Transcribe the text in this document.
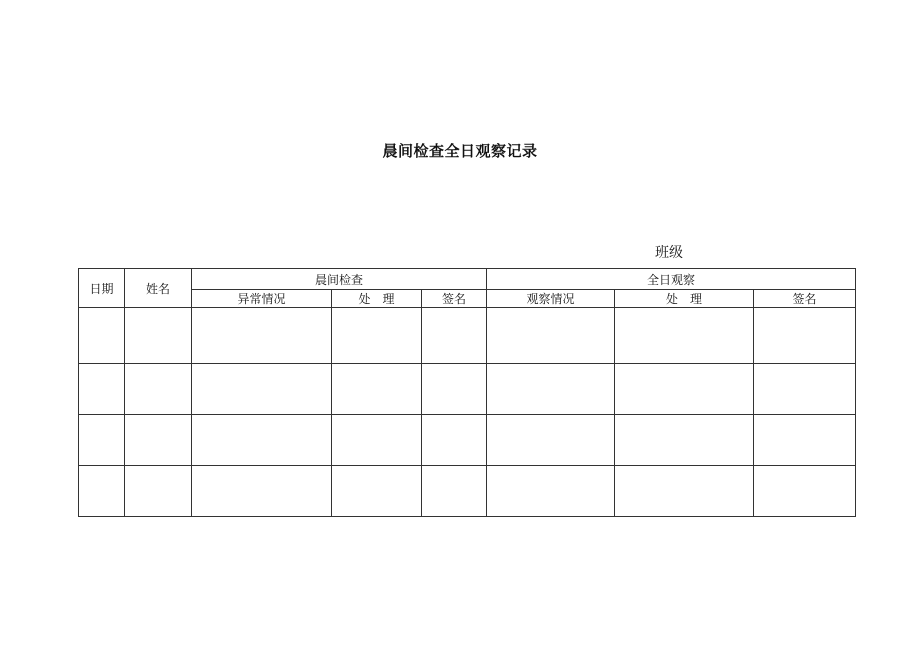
晨间检查全日观察记录
班级
日期	姓名	晨间检查			全日观察		
		异常情况	处　理	签名	观察情况	处　理	签名
